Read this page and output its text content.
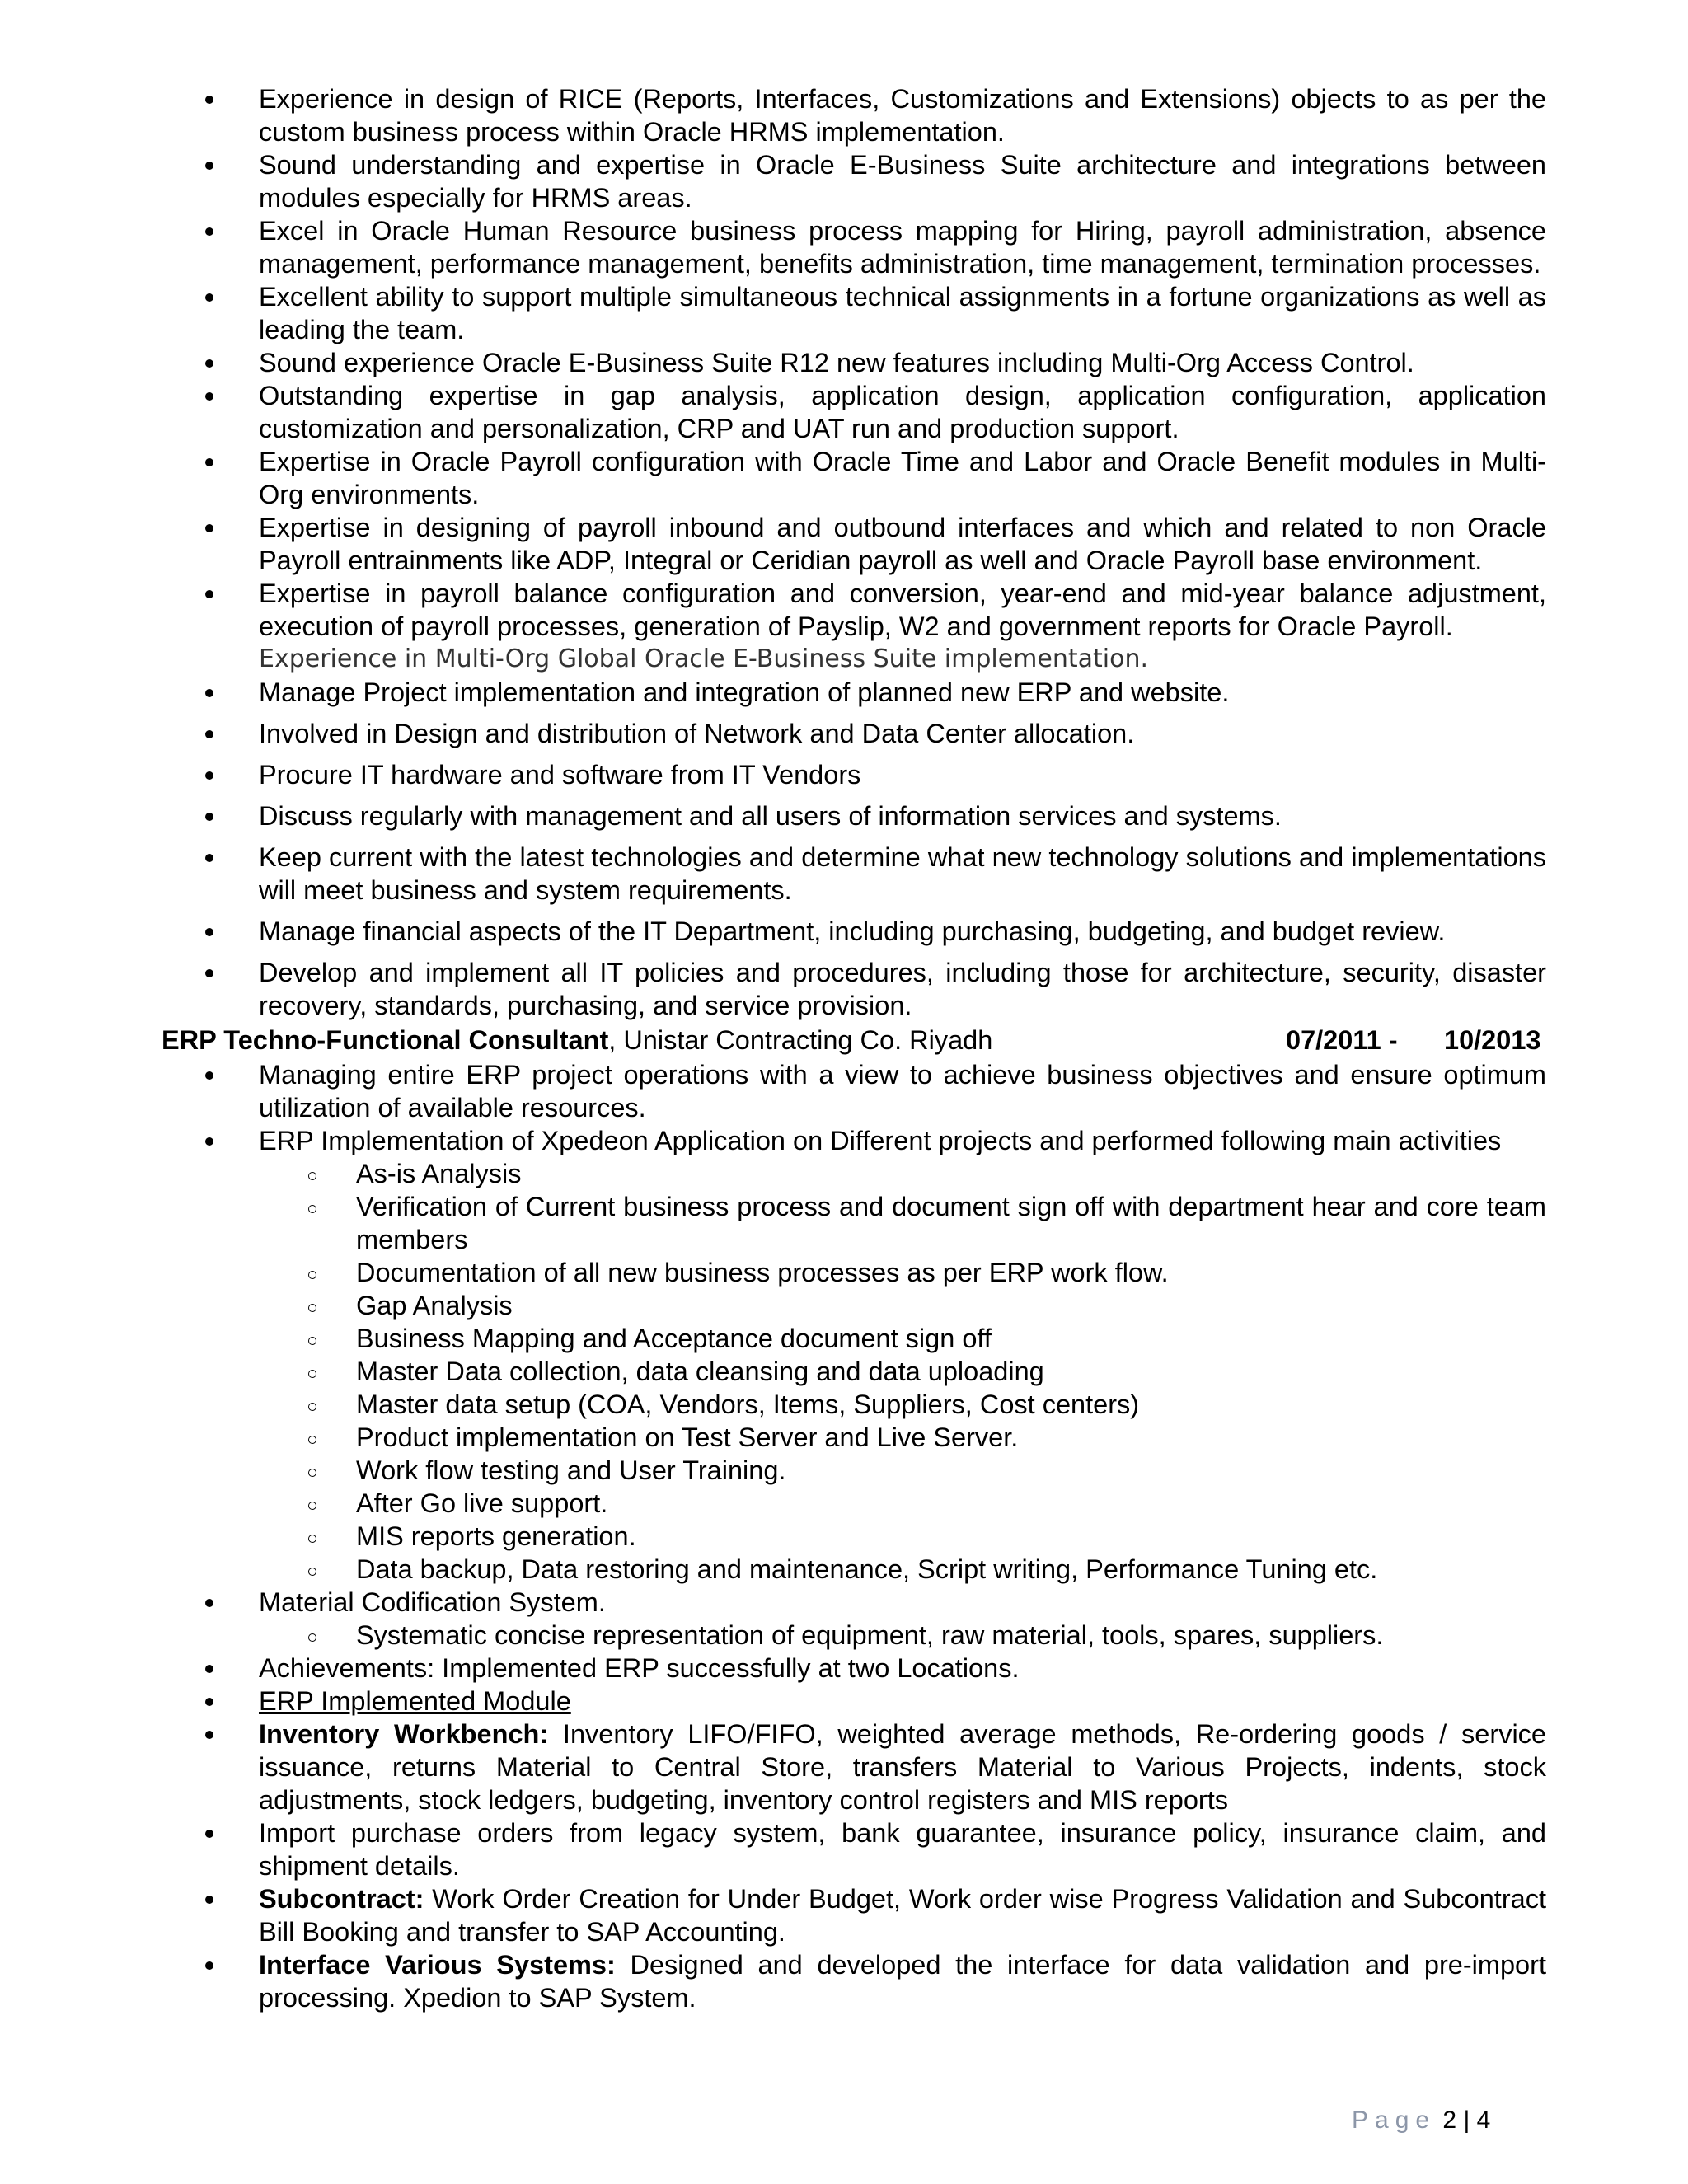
Experience in design of RICE (Reports, Interfaces, Customizations and Extensions) objects to as per the custom business process within Oracle HRMS implementation.
Sound understanding and expertise in Oracle E-Business Suite architecture and integrations between modules especially for HRMS areas.
Excel in Oracle Human Resource business process mapping for Hiring, payroll administration, absence management, performance management, benefits administration, time management, termination processes.
Excellent ability to support multiple simultaneous technical assignments in a fortune organizations as well as leading the team.
Sound experience Oracle E-Business Suite R12 new features including Multi-Org Access Control.
Outstanding expertise in gap analysis, application design, application configuration, application customization and personalization, CRP and UAT run and production support.
Expertise in Oracle Payroll configuration with Oracle Time and Labor and Oracle Benefit modules in Multi-Org environments.
Expertise in designing of payroll inbound and outbound interfaces and which and related to non Oracle Payroll entrainments like ADP, Integral or Ceridian payroll as well and Oracle Payroll base environment.
Expertise in payroll balance configuration and conversion, year-end and mid-year balance adjustment, execution of payroll processes, generation of Payslip, W2 and government reports for Oracle Payroll.
Experience in Multi-Org Global Oracle E-Business Suite implementation.
Manage Project implementation and integration of planned new ERP and website.
Involved in Design and distribution of Network and Data Center allocation.
Procure IT hardware and software from IT Vendors
Discuss regularly with management and all users of information services and systems.
Keep current with the latest technologies and determine what new technology solutions and implementations will meet business and system requirements.
Manage financial aspects of the IT Department, including purchasing, budgeting, and budget review.
Develop and implement all IT policies and procedures, including those for architecture, security, disaster recovery, standards, purchasing, and service provision.
ERP Techno-Functional Consultant, Unistar Contracting Co. Riyadh	07/2011 - 10/2013
Managing entire ERP project operations with a view to achieve business objectives and ensure optimum utilization of available resources.
ERP Implementation of Xpedeon Application on Different projects and performed following main activities
As-is Analysis
Verification of Current business process and document sign off with department hear and core team members
Documentation of all new business processes as per ERP work flow.
Gap Analysis
Business Mapping and Acceptance document sign off
Master Data collection, data cleansing and data uploading
Master data setup (COA, Vendors, Items, Suppliers, Cost centers)
Product implementation on Test Server and Live Server.
Work flow testing and User Training.
After Go live support.
MIS reports generation.
Data backup, Data restoring and maintenance, Script writing, Performance Tuning etc.
Material Codification System.
Systematic concise representation of equipment, raw material, tools, spares, suppliers.
Achievements: Implemented ERP successfully at two Locations.
ERP Implemented Module
Inventory Workbench: Inventory LIFO/FIFO, weighted average methods, Re-ordering goods / service issuance, returns Material to Central Store, transfers Material to Various Projects, indents, stock adjustments, stock ledgers, budgeting, inventory control registers and MIS reports
Import purchase orders from legacy system, bank guarantee, insurance policy, insurance claim, and shipment details.
Subcontract: Work Order Creation for Under Budget, Work order wise Progress Validation and Subcontract Bill Booking and transfer to SAP Accounting.
Interface Various Systems: Designed and developed the interface for data validation and pre-import processing. Xpedion to SAP System.
Page 2 | 4
